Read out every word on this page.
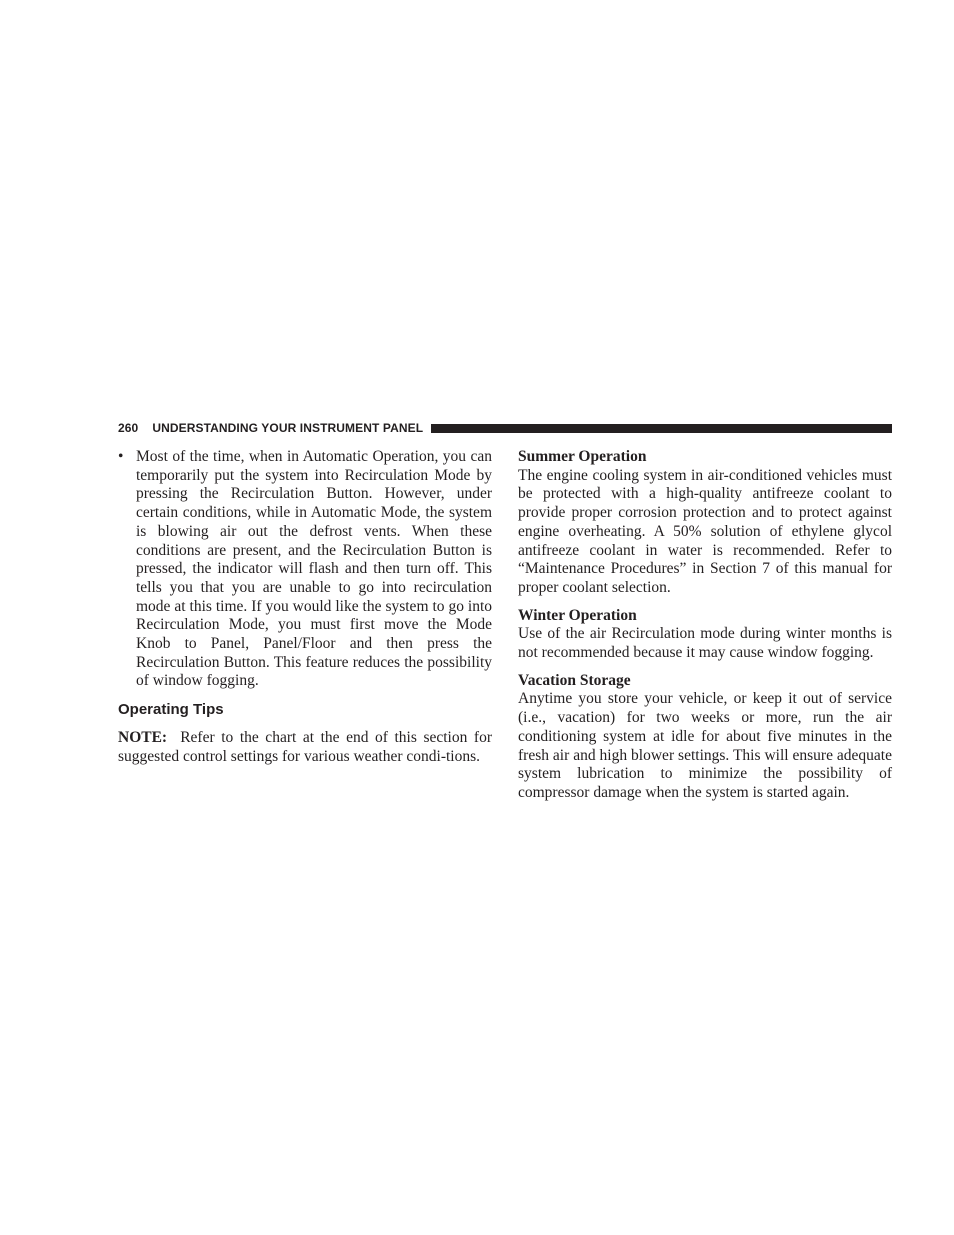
260 UNDERSTANDING YOUR INSTRUMENT PANEL
• Most of the time, when in Automatic Operation, you can temporarily put the system into Recirculation Mode by pressing the Recirculation Button. However, under certain conditions, while in Automatic Mode, the system is blowing air out the defrost vents. When these conditions are present, and the Recirculation Button is pressed, the indicator will flash and then turn off. This tells you that you are unable to go into recirculation mode at this time. If you would like the system to go into Recirculation Mode, you must first move the Mode Knob to Panel, Panel/Floor and then press the Recirculation Button. This feature reduces the possibility of window fogging.

Operating Tips

NOTE: Refer to the chart at the end of this section for suggested control settings for various weather condi-tions.

Summer Operation

The engine cooling system in air-conditioned vehicles must be protected with a high-quality antifreeze coolant to provide proper corrosion protection and to protect against engine overheating. A 50% solution of ethylene glycol antifreeze coolant in water is recommended. Refer to “Maintenance Procedures” in Section 7 of this manual for proper coolant selection.

Winter Operation

Use of the air Recirculation mode during winter months is not recommended because it may cause window fogging.

Vacation Storage

Anytime you store your vehicle, or keep it out of service (i.e., vacation) for two weeks or more, run the air conditioning system at idle for about five minutes in the fresh air and high blower settings. This will ensure adequate system lubrication to minimize the possibility of compressor damage when the system is started again.
